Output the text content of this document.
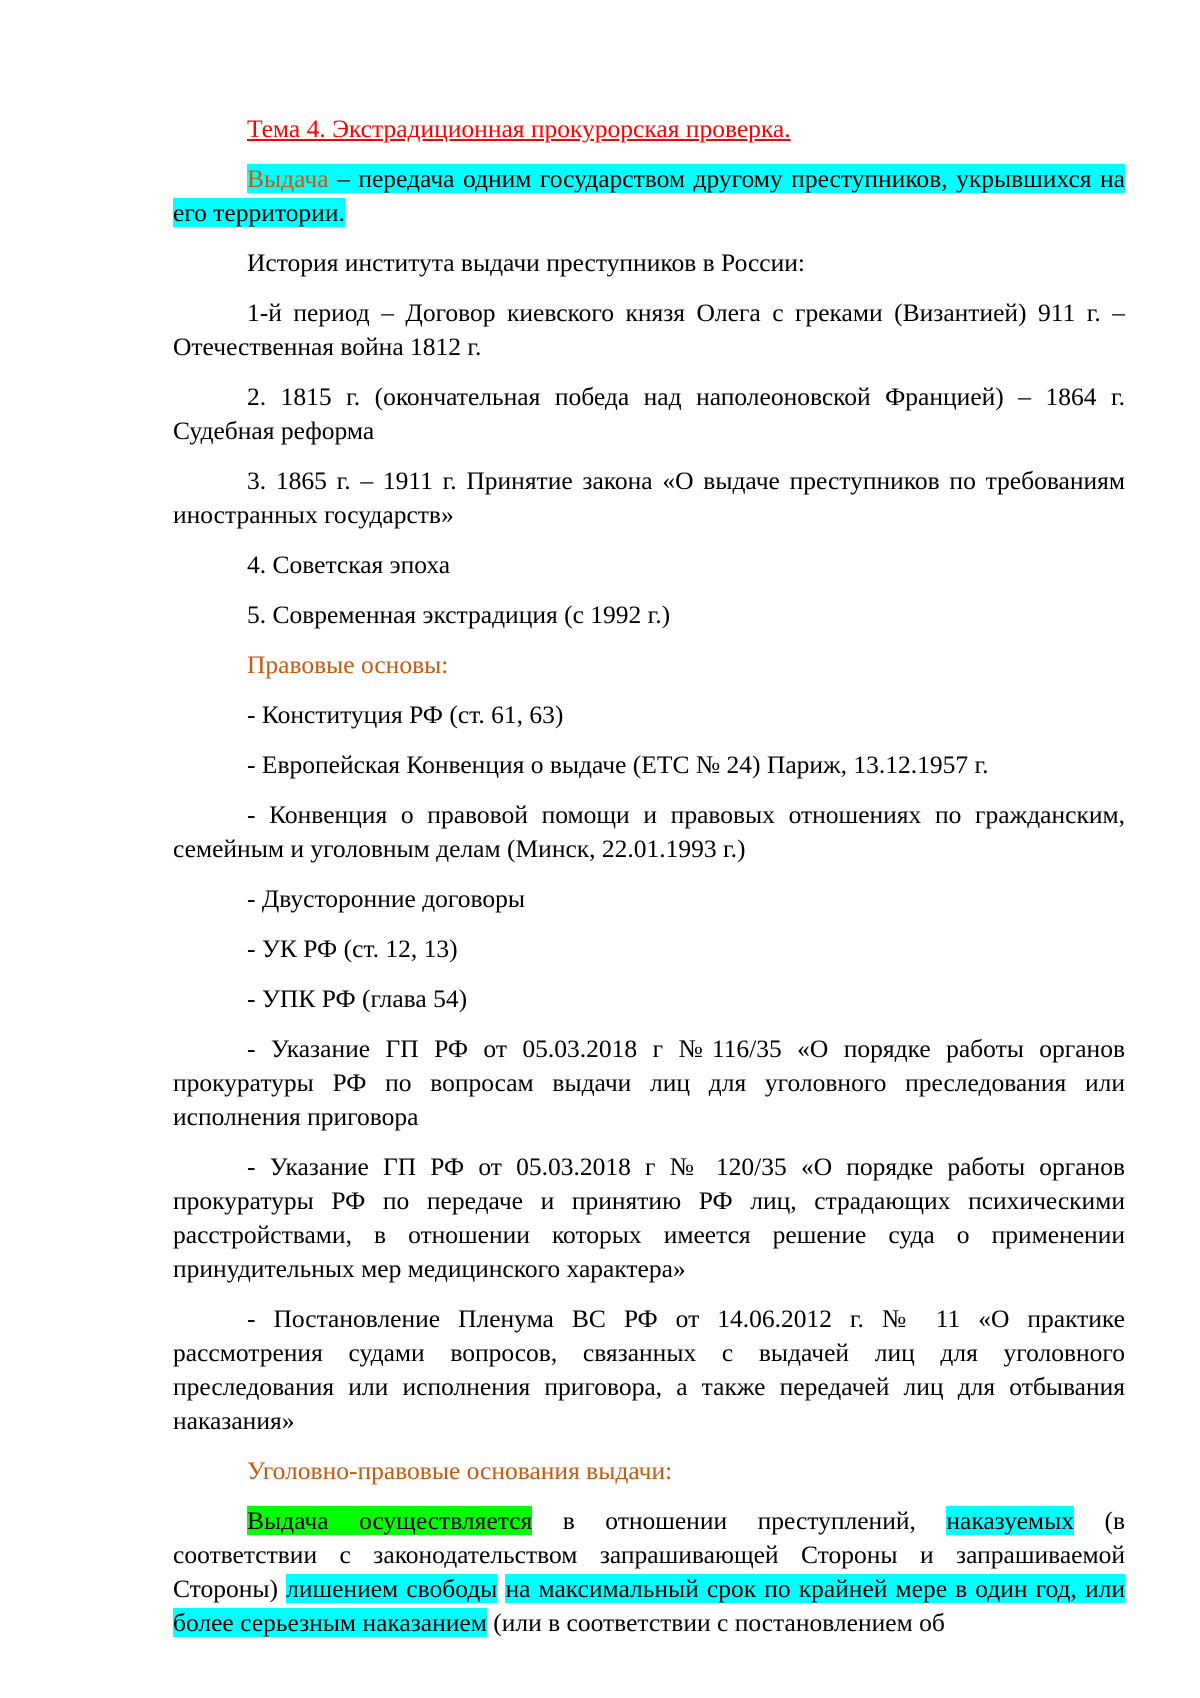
Тема 4. Экстрадиционная прокурорская проверка.

Выдача – передача одним государством другому преступников, укрывшихся на его территории.

История института выдачи преступников в России:

1-й период – Договор киевского князя Олега с греками (Византией) 911 г. – Отечественная война 1812 г.

2. 1815 г. (окончательная победа над наполеоновской Францией) – 1864 г. Судебная реформа

3. 1865 г. – 1911 г. Принятие закона «О выдаче преступников по требованиям иностранных государств»

4. Советская эпоха

5. Современная экстрадиция (с 1992 г.)

Правовые основы:

- Конституция РФ (ст. 61, 63)

- Европейская Конвенция о выдаче (ETC № 24) Париж, 13.12.1957 г.

- Конвенция о правовой помощи и правовых отношениях по гражданским, семейным и уголовным делам (Минск, 22.01.1993 г.)

- Двусторонние договоры

- УК РФ (ст. 12, 13)

- УПК РФ (глава 54)

- Указание ГП РФ от 05.03.2018 г №116/35 «О порядке работы органов прокуратуры РФ по вопросам выдачи лиц для уголовного преследования или исполнения приговора

- Указание ГП РФ от 05.03.2018 г № 120/35 «О порядке работы органов прокуратуры РФ по передаче и принятию РФ лиц, страдающих психическими расстройствами, в отношении которых имеется решение суда о применении принудительных мер медицинского характера»

- Постановление Пленума ВС РФ от 14.06.2012 г. № 11 «О практике рассмотрения судами вопросов, связанных с выдачей лиц для уголовного преследования или исполнения приговора, а также передачей лиц для отбывания наказания»

Уголовно-правовые основания выдачи:

Выдача осуществляется в отношении преступлений, наказуемых (в соответствии с законодательством запрашивающей Стороны и запрашиваемой Стороны) лишением свободы на максимальный срок по крайней мере в один год, или более серьезным наказанием (или в соответствии с постановлением об
